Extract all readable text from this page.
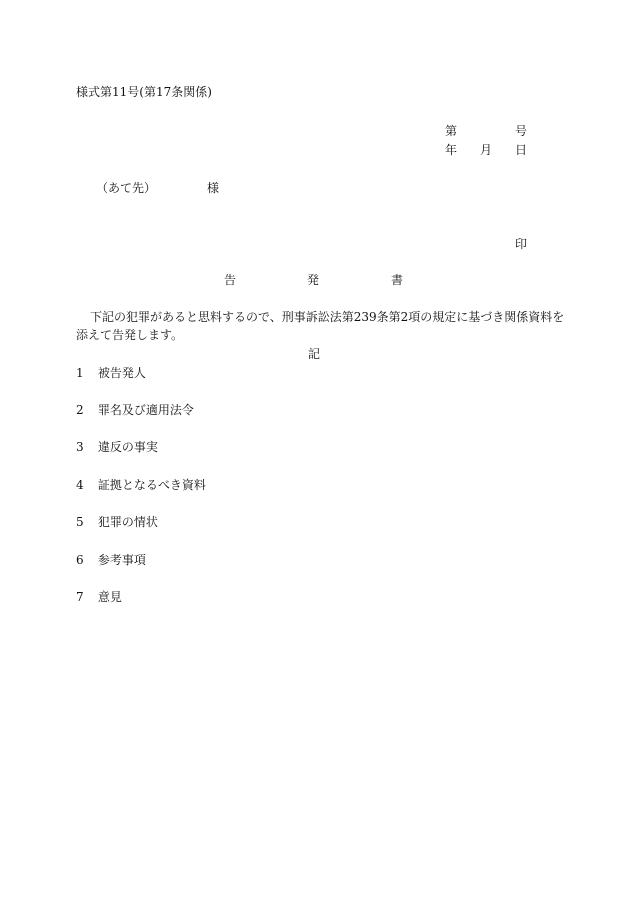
様式第11号(第17条関係)
第	号
年 月 日
（あて先）	様
印
告	発	書
下記の犯罪があると思料するので、刑事訴訟法第239条第2項の規定に基づき関係資料を添えて告発します。
記
1 被告発人
2 罪名及び適用法令
3 違反の事実
4 証拠となるべき資料
5 犯罪の情状
6 参考事項
7 意見
